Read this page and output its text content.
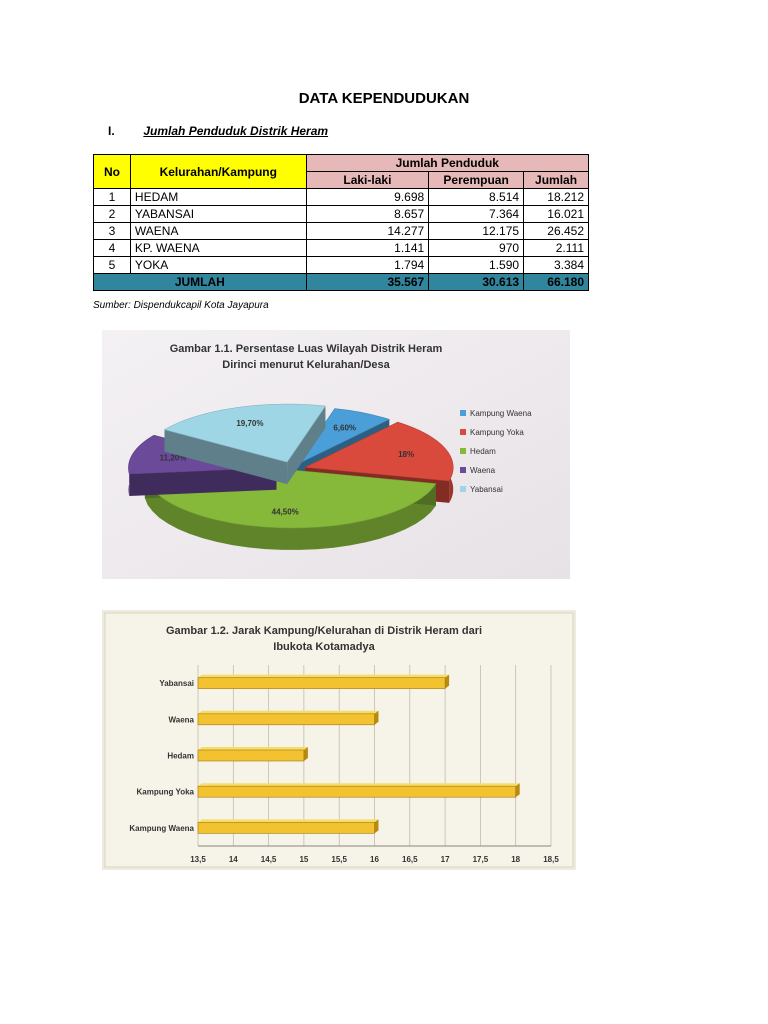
DATA KEPENDUDUKAN
I. Jumlah Penduduk Distrik Heram
No	Kelurahan/Kampung	Jumlah Penduduk		
		Laki-laki	Perempuan	Jumlah
1	HEDAM	9.698	8.514	18.212
2	YABANSAI	8.657	7.364	16.021
3	WAENA	14.277	12.175	26.452
4	KP. WAENA	1.141	970	2.111
5	YOKA	1.794	1.590	3.384
JUMLAH		35.567	30.613	66.180
Sumber: Dispendukcapil Kota Jayapura
Gambar 1.1. Persentase Luas Wilayah Distrik Heram
Dirinci menurut Kelurahan/Desa
6,60%
18%
44,50%
11,20%
19,70%
Kampung Waena
Kampung Yoka
Hedam
Waena
Yabansai
Gambar 1.2. Jarak Kampung/Kelurahan di Distrik Heram dari
Ibukota Kotamadya
13,5	14	14,5	15	15,5	16	16,5	17	17,5	18	18,5
Yabansai
Waena
Hedam
Kampung Yoka
Kampung Waena
